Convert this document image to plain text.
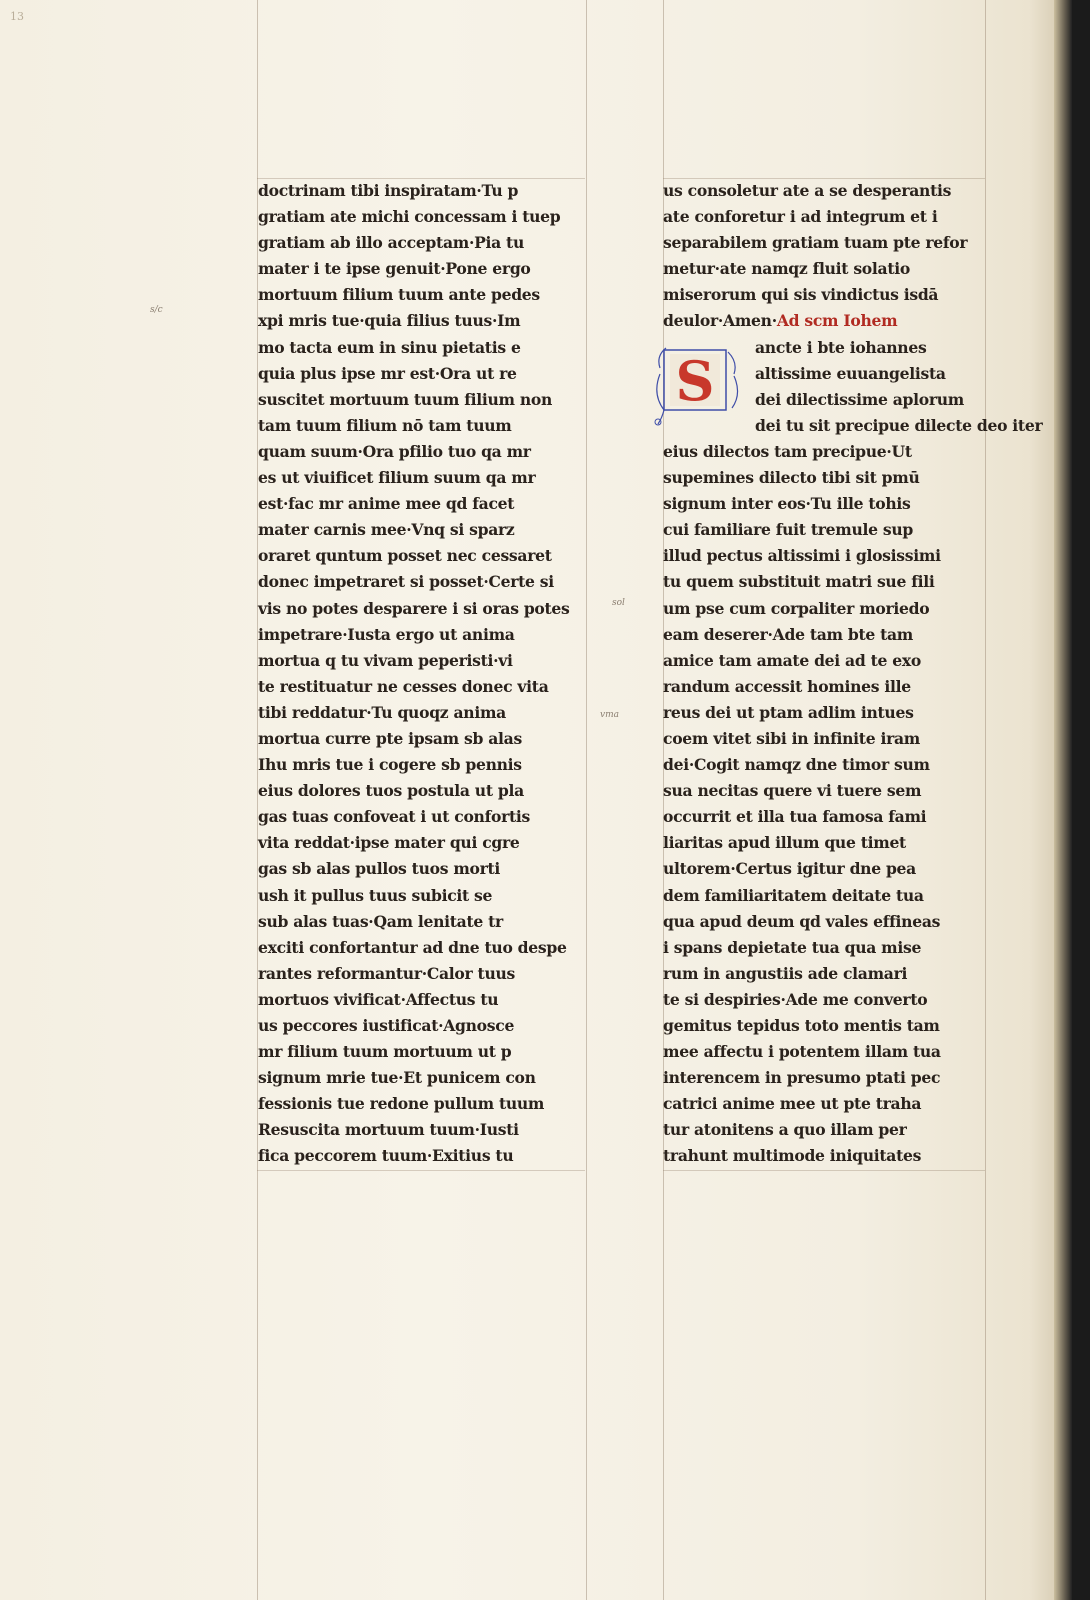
13
doctrinam tibi inspiratam·Tu p
gratiam ate michi concessam i tuep
gratiam ab illo acceptam·Pia tu
mater i te ipse genuit·Pone ergo
mortuum filium tuum ante pedes
xpi mris tue·quia filius tuus·Im
mo tacta eum in sinu pietatis e
quia plus ipse mr est·Ora ut re
suscitet mortuum tuum filium non
tam tuum filium nō tam tuum
quam suum·Ora pfilio tuo qa mr
es ut viuificet filium suum qa mr
est·fac mr anime mee qd facet
mater carnis mee·Vnq si sparz
oraret quntum posset nec cessaret
donec impetraret si posset·Certe si
vis no potes desparere i si oras potes
impetrare·Iusta ergo ut anima
mortua q tu vivam peperisti·vi
te restituatur ne cesses donec vita
tibi reddatur·Tu quoqz anima
mortua curre pte ipsam sb alas
Ihu mris tue i cogere sb pennis
eius dolores tuos postula ut pla
gas tuas confoveat i ut confortis
vita reddat·ipse mater qui cgre
gas sb alas pullos tuos morti
ush it pullus tuus subicit se
sub alas tuas·Qam lenitate tr
exciti confortantur ad dne tuo despe
rantes reformantur·Calor tuus
mortuos vivificat·Affectus tu
us peccores iustificat·Agnosce
mr filium tuum mortuum ut p
signum mrie tue·Et punicem con
fessionis tue redone pullum tuum
Resuscita mortuum tuum·Iusti
fica peccorem tuum·Exitius tu
us consoletur ate a se desperantis
ate conforetur i ad integrum et i
separabilem gratiam tuam pte refor
metur·ate namqz fluit solatio
miserorum qui sis vindictus isdā
deulor·Amen·Ad scm Iohem
ancte i bte iohannes
altissime euuangelista
dei dilectissime aplorum
dei tu sit precipue dilecte deo iter
eius dilectos tam precipue·Ut
supemines dilecto tibi sit pmū
signum inter eos·Tu ille tohis
cui familiare fuit tremule sup
illud pectus altissimi i glosissimi
tu quem substituit matri sue fili
um pse cum corpaliter moriedo
eam deserer·Ade tam bte tam
amice tam amate dei ad te exo
randum accessit homines ille
reus dei ut ptam adlim intues
coem vitet sibi in infinite iram
dei·Cogit namqz dne timor sum
sua necitas quere vi tuere sem
occurrit et illa tua famosa fami
liaritas apud illum que timet
ultorem·Certus igitur dne pea
dem familiaritatem deitate tua
qua apud deum qd vales effineas
i spans depietate tua qua mise
rum in angustiis ade clamari
te si despiries·Ade me converto
gemitus tepidus toto mentis tam
mee affectu i potentem illam tua
interencem in presumo ptati pec
catrici anime mee ut pte traha
tur atonitens a quo illam per
trahunt multimode iniquitates
S
s/c
sol
vma
